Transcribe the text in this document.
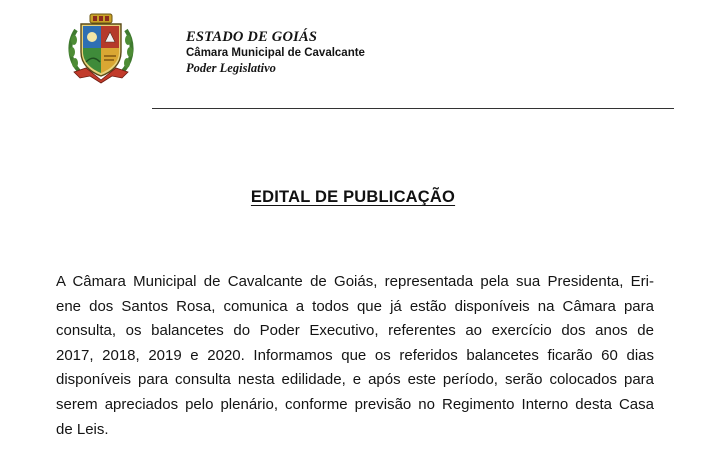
ESTADO DE GOIÁS
Câmara Municipal de Cavalcante
Poder Legislativo
EDITAL DE PUBLICAÇÃO
A Câmara Municipal de Cavalcante de Goiás, representada pela sua Presidenta, Eri-
ene dos Santos Rosa, comunica a todos que já estão disponíveis na Câmara para
consulta, os balancetes do Poder Executivo, referentes ao exercício dos anos de
2017, 2018, 2019 e 2020. Informamos que os referidos balancetes ficarão 60 dias
disponíveis para consulta nesta edilidade, e após este período, serão colocados para
serem apreciados pelo plenário, conforme previsão no Regimento Interno desta Casa
de Leis.
